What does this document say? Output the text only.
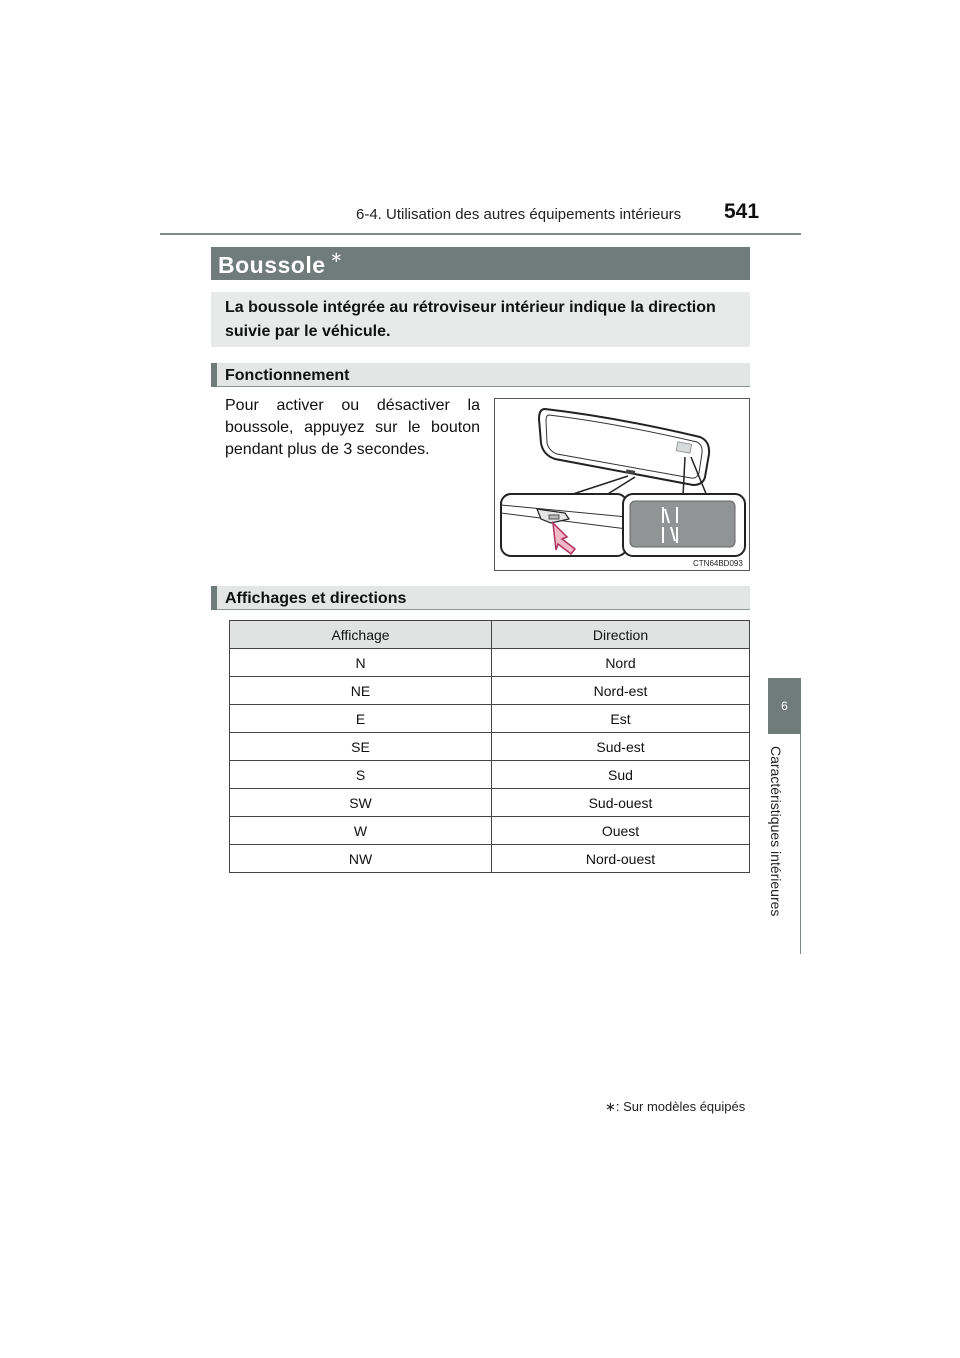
6-4. Utilisation des autres équipements intérieurs 541
6
Caractéristiques intérieures
Boussole ∗
La boussole intégrée au rétroviseur intérieur indique la direction suivie par le véhicule.
Fonctionnement
Pour activer ou désactiver la boussole, appuyez sur le bouton pendant plus de 3 secondes.
CTN64BD093
Affichages et directions
Affichage	Direction
N	Nord
NE	Nord-est
E	Est
SE	Sud-est
S	Sud
SW	Sud-ouest
W	Ouest
NW	Nord-ouest
∗: Sur modèles équipés
